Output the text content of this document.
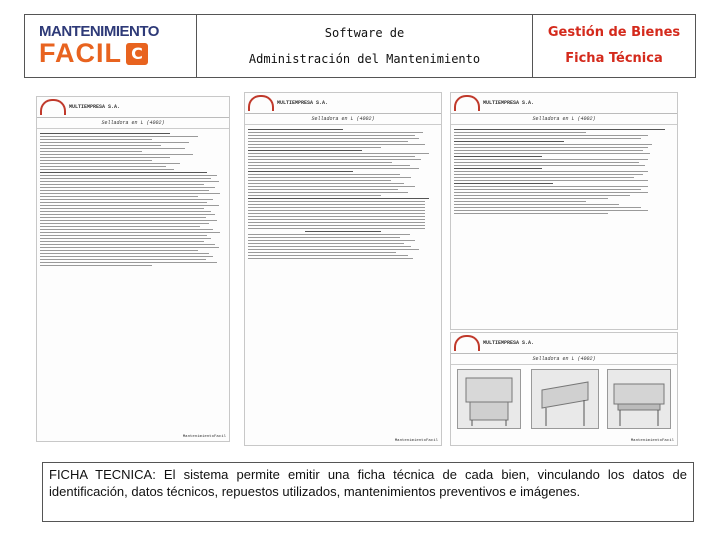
MANTENIMIENTO
FACIL C
Software de
Administración del Mantenimiento
Gestión de Bienes
Ficha Técnica
MULTIEMPRESA S.A.

Selladora en L (4002)
MantenimientoFacil
MULTIEMPRESA S.A.

Selladora en L (4002)
MantenimientoFacil
MULTIEMPRESA S.A.

Selladora en L (4002)
MULTIEMPRESA S.A.

Selladora en L (4002)
MantenimientoFacil
FICHA TECNICA: El sistema permite emitir una ficha técnica de cada bien, vinculando los datos de identificación, datos técnicos, repuestos utilizados, mantenimientos preventivos e imágenes.
